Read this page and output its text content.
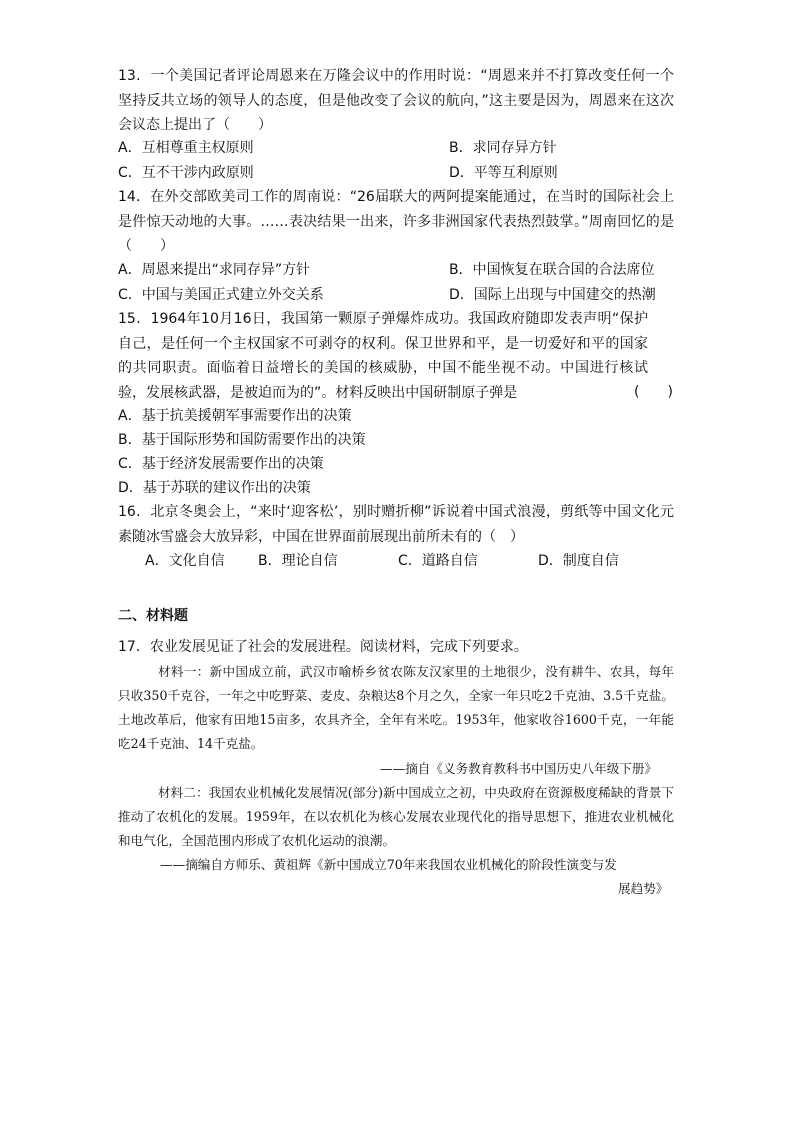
13．一个美国记者评论周恩来在万隆会议中的作用时说：“周恩来并不打算改变任何一个坚持反共立场的领导人的态度，但是他改变了会议的航向，”这主要是因为，周恩来在这次会议态上提出了（　　）
A．互相尊重主权原则	B．求同存异方针
C．互不干涉内政原则	D．平等互利原则
14．在外交部欧美司工作的周南说：“26届联大的两阿提案能通过，在当时的国际社会上是件惊天动地的大事。……表决结果一出来，许多非洲国家代表热烈鼓掌。”周南回忆的是（　　）
A．周恩来提出“求同存异”方针	B．中国恢复在联合国的合法席位
C．中国与美国正式建立外交关系	D．国际上出现与中国建交的热潮
15．1964年10月16日，我国第一颗原子弹爆炸成功。我国政府随即发表声明“保护自己，是任何一个主权国家不可剥夺的权利。保卫世界和平，是一切爱好和平的国家的共同职责。面临着日益增长的美国的核威胁，中国不能坐视不动。中国进行核试验，发展核武器，是被迫而为的”。材料反映出中国研制原子弹是	(　　)
A．基于抗美援朝军事需要作出的决策
B．基于国际形势和国防需要作出的决策
C．基于经济发展需要作出的决策
D．基于苏联的建议作出的决策
16．北京冬奥会上，“来时‘迎客松’，别时赠折柳”诉说着中国式浪漫，剪纸等中国文化元素随冰雪盛会大放异彩，中国在世界面前展现出前所未有的（　）
A．文化自信 B．理论自信	C．道路自信	D．制度自信
二、材料题
17．农业发展见证了社会的发展进程。阅读材料，完成下列要求。
材料一：新中国成立前，武汉市喻桥乡贫农陈友汉家里的土地很少，没有耕牛、农具，每年只收350千克谷，一年之中吃野菜、麦皮、杂粮达8个月之久，全家一年只吃2千克油、3.5千克盐。土地改革后，他家有田地15亩多，农具齐全，全年有米吃。1953年，他家收谷1600千克，一年能吃24千克油、14千克盐。
——摘自《义务教育教科书中国历史八年级下册》
材料二：我国农业机械化发展情况(部分)新中国成立之初，中央政府在资源极度稀缺的背景下推动了农机化的发展。1959年，在以农机化为核心发展农业现代化的指导思想下，推进农业机械化和电气化，全国范围内形成了农机化运动的浪潮。
——摘编自方师乐、黄祖辉《新中国成立70年来我国农业机械化的阶段性演变与发
展趋势》
